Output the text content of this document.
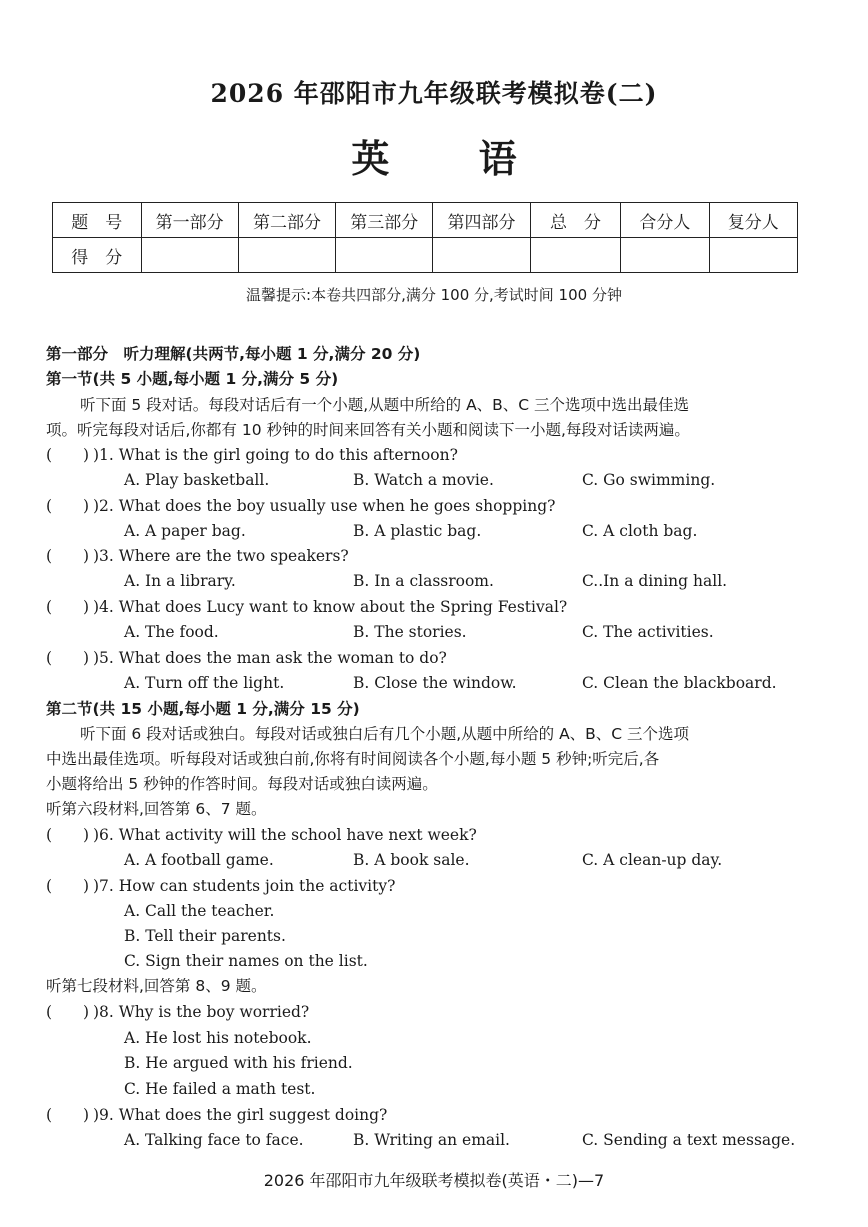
2026 年邵阳市九年级联考模拟卷(二)
英 语
题　号	第一部分	第二部分	第三部分	第四部分	总　分	合分人	复分人
得　分							
温馨提示:本卷共四部分,满分 100 分,考试时间 100 分钟
第一部分　听力理解(共两节,每小题 1 分,满分 20 分)
第一节(共 5 小题,每小题 1 分,满分 5 分)
听下面 5 段对话。每段对话后有一个小题,从题中所给的 A、B、C 三个选项中选出最佳选
项。听完每段对话后,你都有 10 秒钟的时间来回答有关小题和阅读下一小题,每段对话读两遍。
(　　) )1. What is the girl going to do this afternoon?
A. Play basketball.	B. Watch a movie.	C. Go swimming.
(　　) )2. What does the boy usually use when he goes shopping?
A. A paper bag.	B. A plastic bag.	C. A cloth bag.
(　　) )3. Where are the two speakers?
A. In a library.	B. In a classroom.	C..In a dining hall.
(　　) )4. What does Lucy want to know about the Spring Festival?
A. The food.	B. The stories.	C. The activities.
(　　) )5. What does the man ask the woman to do?
A. Turn off the light.	B. Close the window.	C. Clean the blackboard.
第二节(共 15 小题,每小题 1 分,满分 15 分)
听下面 6 段对话或独白。每段对话或独白后有几个小题,从题中所给的 A、B、C 三个选项
中选出最佳选项。听每段对话或独白前,你将有时间阅读各个小题,每小题 5 秒钟;听完后,各
小题将给出 5 秒钟的作答时间。每段对话或独白读两遍。
听第六段材料,回答第 6、7 题。
(　　) )6. What activity will the school have next week?
A. A football game.	B. A book sale.	C. A clean-up day.
(　　) )7. How can students join the activity?
A. Call the teacher.
B. Tell their parents.
C. Sign their names on the list.
听第七段材料,回答第 8、9 题。
(　　) )8. Why is the boy worried?
A. He lost his notebook.
B. He argued with his friend.
C. He failed a math test.
(　　) )9. What does the girl suggest doing?
A. Talking face to face.	B. Writing an email.	C. Sending a text message.
2026 年邵阳市九年级联考模拟卷(英语・二)—7
